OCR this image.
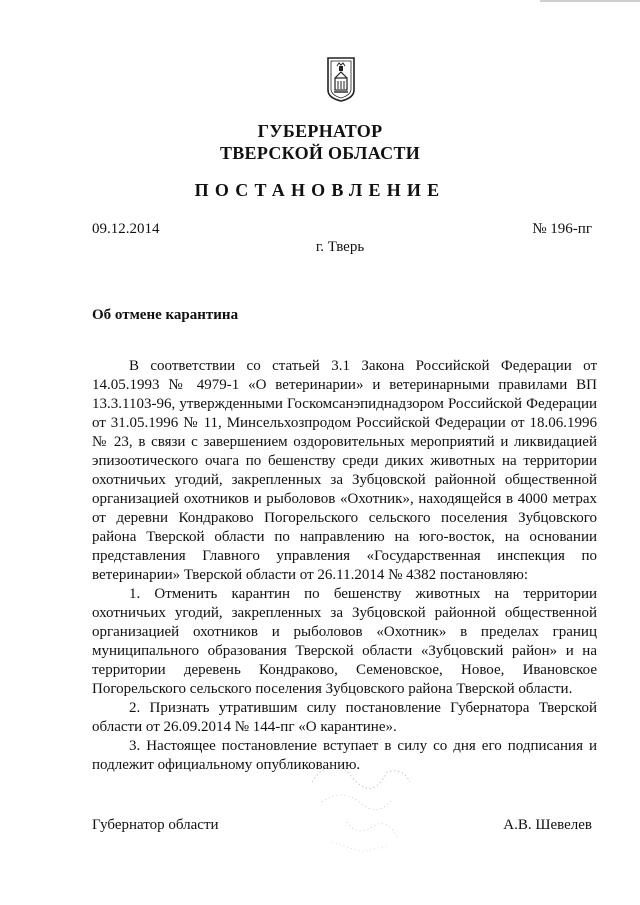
ГУБЕРНАТОР
ТВЕРСКОЙ ОБЛАСТИ
ПОСТАНОВЛЕНИЕ
09.12.2014	№ 196-пг
г. Тверь
Об отмене карантина

В соответствии со статьей 3.1 Закона Российской Федерации от 14.05.1993 № 4979-1 «О ветеринарии» и ветеринарными правилами ВП 13.3.1103-96, утвержденными Госкомсанэпиднадзором Российской Федерации от 31.05.1996 № 11, Минсельхозпродом Российской Федерации от 18.06.1996 № 23, в связи с завершением оздоровительных мероприятий и ликвидацией эпизоотического очага по бешенству среди диких животных на территории охотничьих угодий, закрепленных за Зубцовской районной общественной организацией охотников и рыболовов «Охотник», находящейся в 4000 метрах от деревни Кондраково Погорельского сельского поселения Зубцовского района Тверской области по направлению на юго-восток, на основании представления Главного управления «Государственная инспекция по ветеринарии» Тверской области от 26.11.2014 № 4382 постановляю:

1. Отменить карантин по бешенству животных на территории охотничьих угодий, закрепленных за Зубцовской районной общественной организацией охотников и рыболовов «Охотник» в пределах границ муниципального образования Тверской области «Зубцовский район» и на территории деревень Кондраково, Семеновское, Новое, Ивановское Погорельского сельского поселения Зубцовского района Тверской области.

2. Признать утратившим силу постановление Губернатора Тверской области от 26.09.2014 № 144-пг «О карантине».

3. Настоящее постановление вступает в силу со дня его подписания и подлежит официальному опубликованию.

Губернатор области	А.В. Шевелев
